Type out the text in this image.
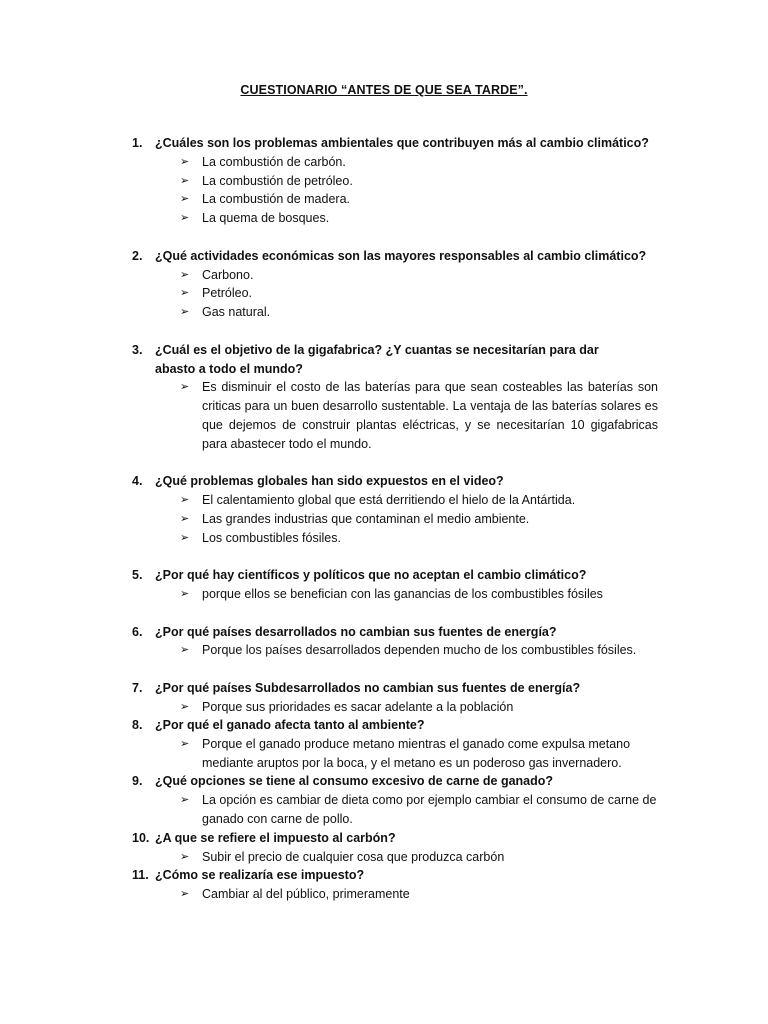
CUESTIONARIO “ANTES DE QUE SEA TARDE”.
1. ¿Cuáles son los problemas ambientales que contribuyen más al cambio climático?
➢ La combustión de carbón.
➢ La combustión de petróleo.
➢ La combustión de madera.
➢ La quema de bosques.
2. ¿Qué actividades económicas son las mayores responsables al cambio climático?
➢ Carbono.
➢ Petróleo.
➢ Gas natural.
3. ¿Cuál es el objetivo de la gigafabrica? ¿Y cuantas se necesitarían para dar abasto a todo el mundo?
➢ Es disminuir el costo de las baterías para que sean costeables las baterías son criticas para un buen desarrollo sustentable. La ventaja de las baterías solares es que dejemos de construir plantas eléctricas, y se necesitarían 10 gigafabricas para abastecer todo el mundo.
4. ¿Qué problemas globales han sido expuestos en el video?
➢ El calentamiento global que está derritiendo el hielo de la Antártida.
➢ Las grandes industrias que contaminan el medio ambiente.
➢ Los combustibles fósiles.
5. ¿Por qué hay científicos y políticos que no aceptan el cambio climático?
➢ porque ellos se benefician con las ganancias de los combustibles fósiles
6. ¿Por qué países desarrollados no cambian sus fuentes de energía?
➢ Porque los países desarrollados dependen mucho de los combustibles fósiles.
7. ¿Por qué países Subdesarrollados no cambian sus fuentes de energía?
➢ Porque sus prioridades es sacar adelante a la población
8. ¿Por qué el ganado afecta tanto al ambiente?
➢ Porque el ganado produce metano mientras el ganado come expulsa metano mediante aruptos por la boca, y el metano es un poderoso gas invernadero.
9. ¿Qué opciones se tiene al consumo excesivo de carne de ganado?
➢ La opción es cambiar de dieta como por ejemplo cambiar el consumo de carne de ganado con carne de pollo.
10. ¿A que se refiere el impuesto al carbón?
➢ Subir el precio de cualquier cosa que produzca carbón
11. ¿Cómo se realizaría ese impuesto?
➢ Cambiar al del público, primeramente
